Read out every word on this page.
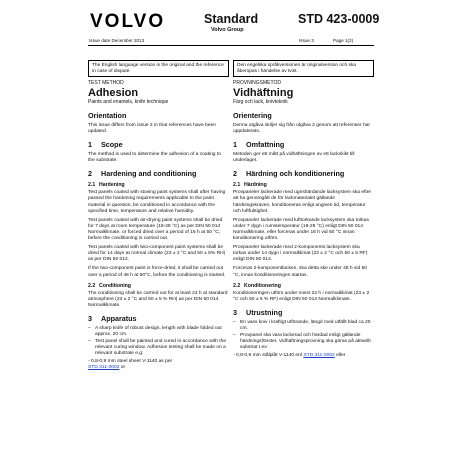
VOLVO	Standard
Volvo Group
STD 423-0009
Issue date December 2013	Issue 3	Page 1(2)
The English language version is the original and the reference in case of dispute.
Den engelska språkversionen är originalversion och ska åberopas i händelse av tvist.
TEST METHOD
Adhesion
Paints and enamels, knife technique
Orientation

This issue differs from issue 2 in that references have been updated.

1 Scope

The method is used to determine the adhesion of a coating to the substrate.

2 Hardening and conditioning
2.1 Hardening

Test panels coated with stoving paint systems shall after having passed the hardening requirements applicable to the paint material in question, be conditioned in accordance with the specified time, temperature and relative humidity.

Test panels coated with air-drying paint systems shall be dried for 7 days at room temperature (18-28 °C) as per DIN 50 014 Normalklimate, or forced dried over a period of 16 h at 50 °C, before the conditioning is carried out.

Test panels coated with two-component paint systems shall be dried for 14 days at normal climate (23 ± 2 °C and 50 ± 5% RH) as per DIN 50 014.

If the two-component paint is force-dried, it shall be carried out over a period of 48 h at 50°C, before the conditioning is started.

2.2 Conditioning

The conditioning shall be carried out for at least 24 h at standard atmosphere (23 ± 2 °C and 50 ± 5 % RH) as per DIN 50 014 Normalklimate.

3 Apparatus
– A sharp knife of robust design, length with blade folded out approx. 20 cm.
– Test panel shall be painted and cured in accordance with the relevant curing window. Adhesion testing shall be made on a relevant substrate e.g:
- 0,8-0,9 mm steel sheet V-1140 as per
STD 311-0002 or
PROVNINGSMETOD
Vidhäftning
Färg och lack, knivteknik
Orientering

Denna utgåva skiljer sig från utgåva 2 genom att referenser har uppdaterats.

1 Omfattning

Metoden ger ett mått på vidhäftningen av ett lackskikt till underlaget.

2 Härdning och konditionering
2.1 Härdning

Provpaneler lackerade med ugnshärdande lacksystem ska efter att ha genomgått de för lackmaterialet gällande härdningskraven, konditioneras enligt angiven tid, temperatur och luftfuktighet.

Provpaneler lackerade med lufttorkande lacksystem ska torkas under 7 dygn i rumstemperatur (18-28 °C) enligt DIN 50 014 Normalklimate, eller forceras under 16 h vid 50 °C innan konditionering utförs.

Provpaneler lackerade med 2-komponents lacksystem ska torkas under 14 dygn i normalklimat (23 ± 2 °C och 50 ± 5 RF) enligt DIN 50 014.

Forceras 2-komponentlacken, ska detta ske under 48 h vid 50 °C, innan konditioneringen startas.

2.2 Konditionering

Konditioneringen utförs under minst 24 h i normalklimat (23 ± 2 °C och 50 ± 5 % RF) enligt DIN 50 014 Normalklimate.

3 Utrustning
– En vass kniv i kraftigt utförande, längd med utfällt blad ca 20 cm.
– Provpanel ska vara lackerad och härdad enligt gällande härdningsfönster. Vidhäftningsprovning ska göras på aktuellt substrat t.ex:
- 0,8-0,9 mm stålplåt V-1140 enl STD 311-0002 eller
